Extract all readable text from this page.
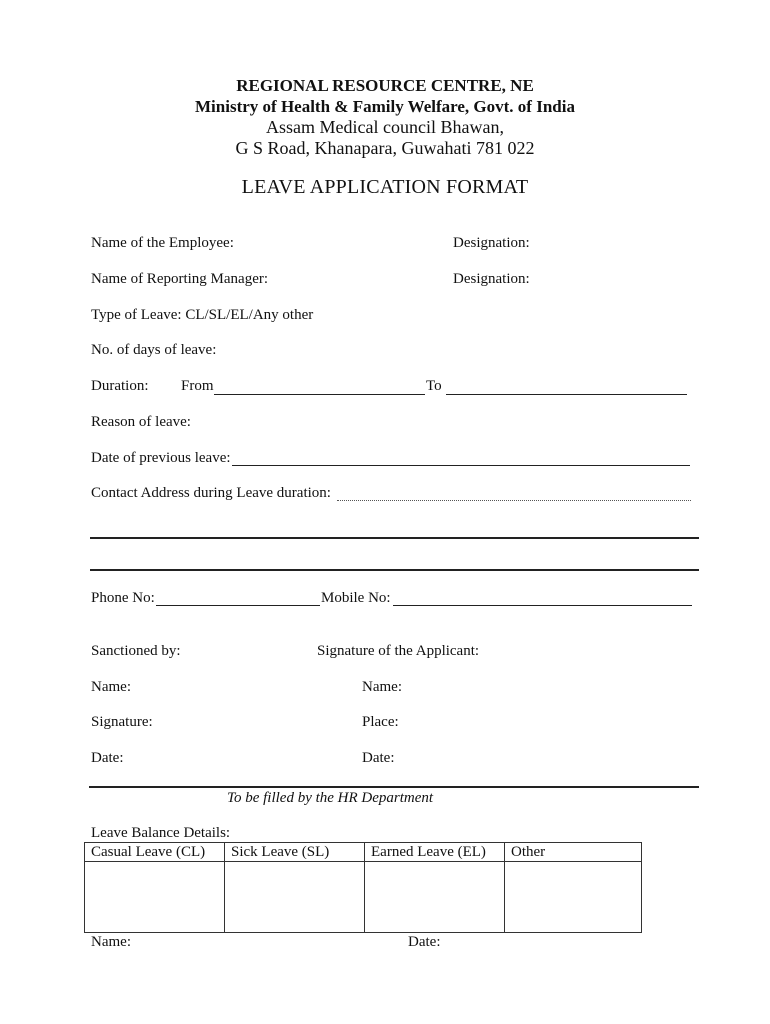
REGIONAL RESOURCE CENTRE, NE
Ministry of Health & Family Welfare, Govt. of India
Assam Medical council Bhawan,
G S Road, Khanapara, Guwahati 781 022
LEAVE APPLICATION FORMAT
Name of the Employee:	Designation:
Name of Reporting Manager:	Designation:
Type of Leave: CL/SL/EL/Any other
No. of days of leave:
Duration: From	To
Reason of leave:
Date of previous leave:
Contact Address during Leave duration:
Phone No:	Mobile No:
Sanctioned by:	Signature of the Applicant:
Name:	Name:
Signature:	Place:
Date:	Date:
To be filled by the HR Department
Leave Balance Details:
Casual Leave (CL)	Sick Leave (SL)	Earned Leave (EL)	Other

Name:	Date:
